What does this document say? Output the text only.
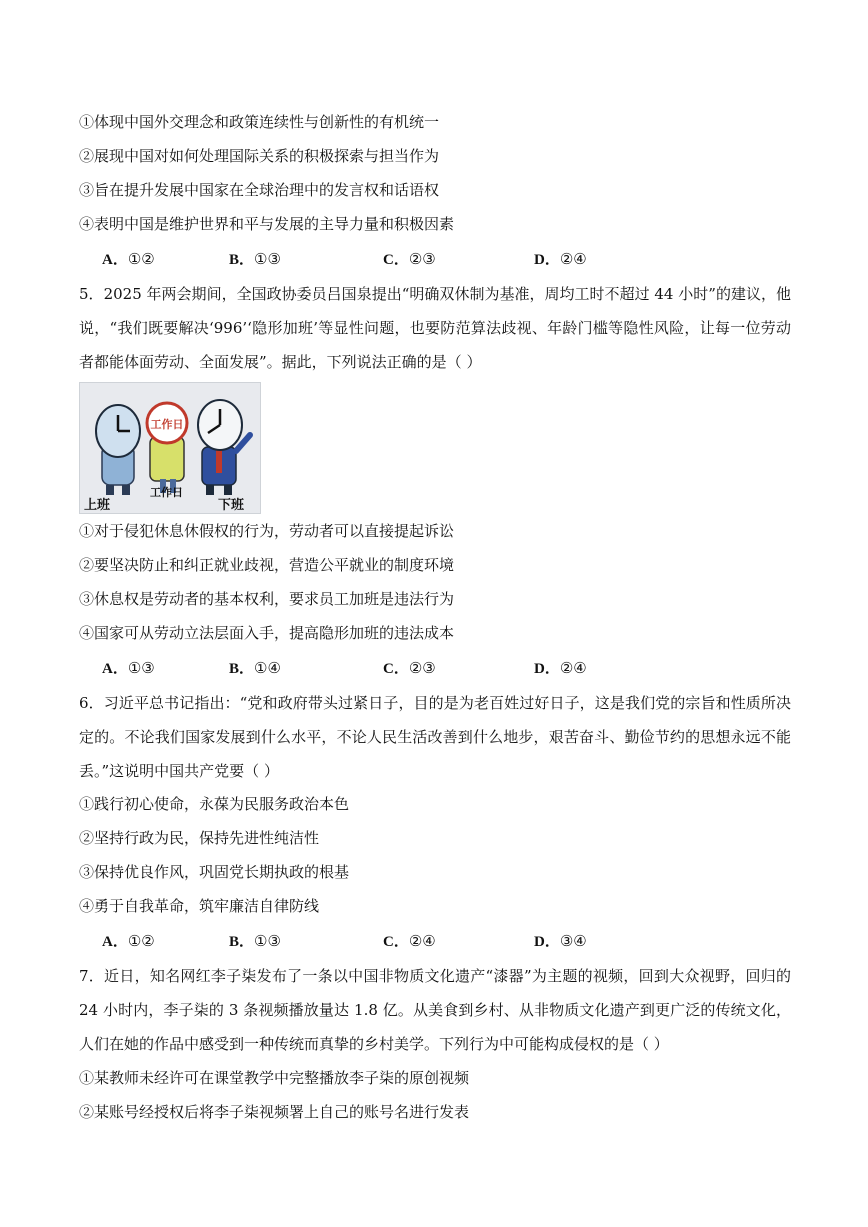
①体现中国外交理念和政策连续性与创新性的有机统一
②展现中国对如何处理国际关系的积极探索与担当作为
③旨在提升发展中国家在全球治理中的发言权和话语权
④表明中国是维护世界和平与发展的主导力量和积极因素
A．①②	B．①③	C．②③	D．②④
5．2025 年两会期间，全国政协委员吕国泉提出“明确双休制为基准，周均工时不超过 44 小时”的建议，他说，“我们既要解决‘996’‘隐形加班’等显性问题，也要防范算法歧视、年龄门槛等隐性风险，让每一位劳动者都能体面劳动、全面发展”。据此，下列说法正确的是（ ）
工作日
上班
工作日
下班
①对于侵犯休息休假权的行为，劳动者可以直接提起诉讼
②要坚决防止和纠正就业歧视，营造公平就业的制度环境
③休息权是劳动者的基本权利，要求员工加班是违法行为
④国家可从劳动立法层面入手，提高隐形加班的违法成本
A．①③	B．①④	C．②③	D．②④
6．习近平总书记指出：“党和政府带头过紧日子，目的是为老百姓过好日子，这是我们党的宗旨和性质所决定的。不论我们国家发展到什么水平，不论人民生活改善到什么地步，艰苦奋斗、勤俭节约的思想永远不能丢。”这说明中国共产党要（ ）
①践行初心使命，永葆为民服务政治本色
②坚持行政为民，保持先进性纯洁性
③保持优良作风，巩固党长期执政的根基
④勇于自我革命，筑牢廉洁自律防线
A．①②	B．①③	C．②④	D．③④
7．近日，知名网红李子柒发布了一条以中国非物质文化遗产“漆器”为主题的视频，回到大众视野，回归的 24 小时内，李子柒的 3 条视频播放量达 1.8 亿。从美食到乡村、从非物质文化遗产到更广泛的传统文化，人们在她的作品中感受到一种传统而真挚的乡村美学。下列行为中可能构成侵权的是（ ）
①某教师未经许可在课堂教学中完整播放李子柒的原创视频
②某账号经授权后将李子柒视频署上自己的账号名进行发表
